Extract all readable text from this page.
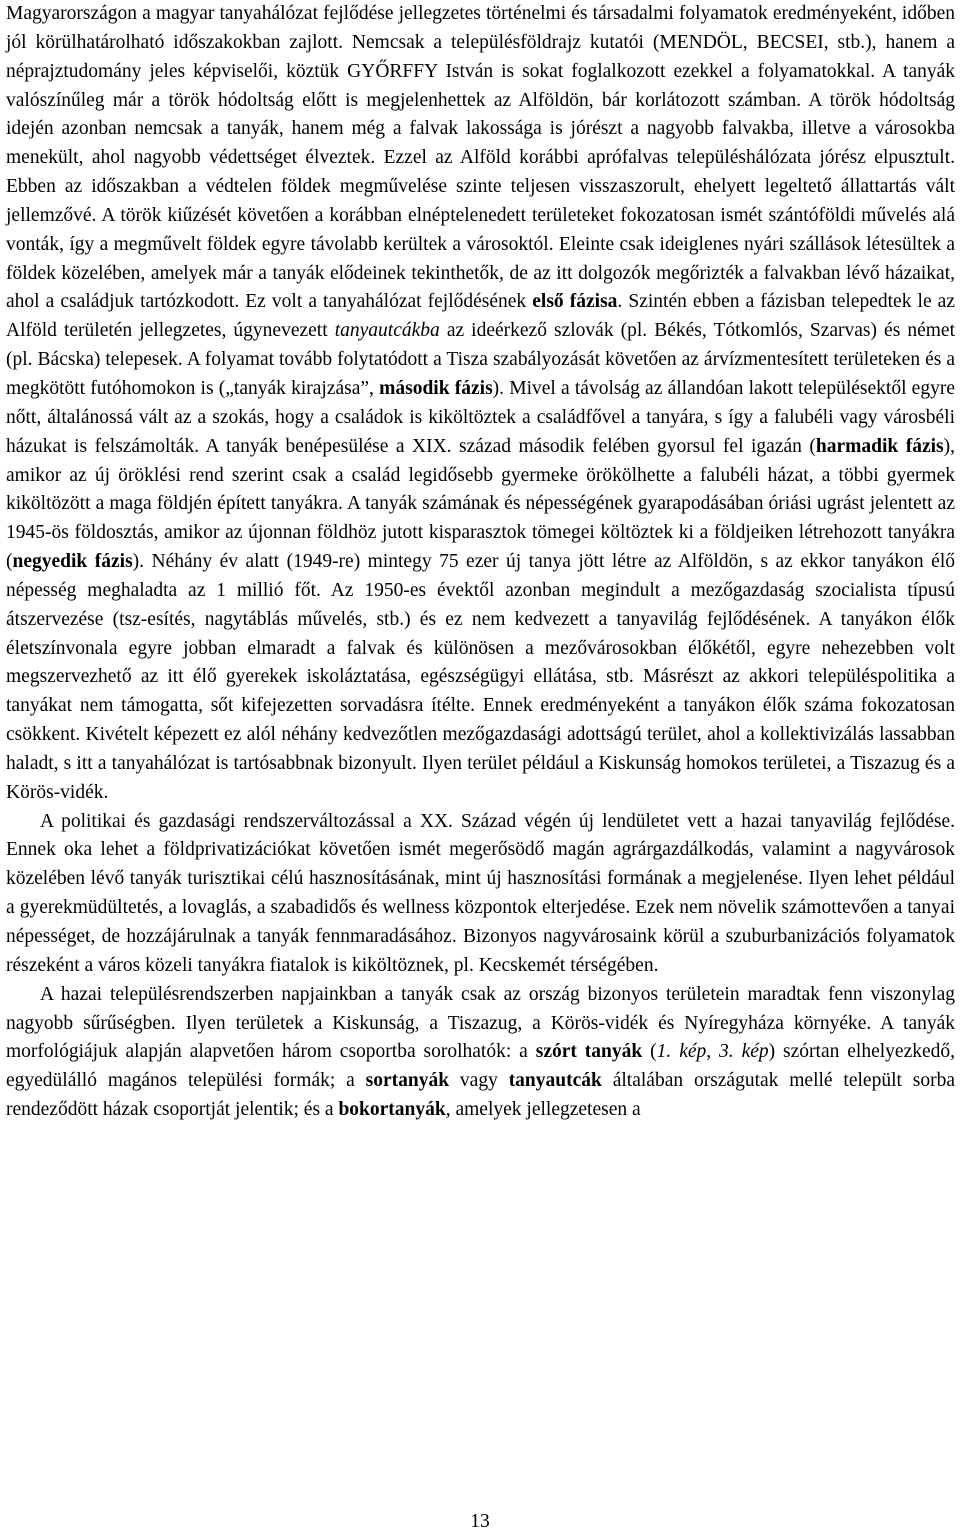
Magyarországon a magyar tanyahálózat fejlődése jellegzetes történelmi és társadalmi folyamatok eredményeként, időben jól körülhatárolható időszakokban zajlott. Nemcsak a településföldrajz kutatói (MENDÖL, BECSEI, stb.), hanem a néprajztudomány jeles képviselői, köztük GYŐRFFY István is sokat foglalkozott ezekkel a folyamatokkal. A tanyák valószínűleg már a török hódoltság előtt is megjelenhettek az Alföldön, bár korlátozott számban. A török hódoltság idején azonban nemcsak a tanyák, hanem még a falvak lakossága is jórészt a nagyobb falvakba, illetve a városokba menekült, ahol nagyobb védettséget élveztek. Ezzel az Alföld korábbi aprófalvas településhálózata jórész elpusztult. Ebben az időszakban a védtelen földek megművelése szinte teljesen visszaszorult, ehelyett legeltető állattartás vált jellemzővé. A török kiűzését követően a korábban elnéptelenedett területeket fokozatosan ismét szántóföldi művelés alá vonták, így a megművelt földek egyre távolabb kerültek a városoktól. Eleinte csak ideiglenes nyári szállások létesültek a földek közelében, amelyek már a tanyák elődeinek tekinthetők, de az itt dolgozók megőrizték a falvakban lévő házaikat, ahol a családjuk tartózkodott. Ez volt a tanyahálózat fejlődésének első fázisa. Szintén ebben a fázisban telepedtek le az Alföld területén jellegzetes, úgynevezett tanyautcákba az ideérkező szlovák (pl. Békés, Tótkomlós, Szarvas) és német (pl. Bácska) telepesek. A folyamat tovább folytatódott a Tisza szabályozását követően az árvízmentesített területeken és a megkötött futóhomokon is („tanyák kirajzása”, második fázis). Mivel a távolság az állandóan lakott településektől egyre nőtt, általánossá vált az a szokás, hogy a családok is kiköltöztek a családfővel a tanyára, s így a falubéli vagy városbéli házukat is felszámolták. A tanyák benépesülése a XIX. század második felében gyorsul fel igazán (harmadik fázis), amikor az új öröklési rend szerint csak a család legidősebb gyermeke örökölhette a falubéli házat, a többi gyermek kiköltözött a maga földjén épített tanyákra. A tanyák számának és népességének gyarapodásában óriási ugrást jelentett az 1945-ös földosztás, amikor az újonnan földhöz jutott kisparasztok tömegei költöztek ki a földjeiken létrehozott tanyákra (negyedik fázis). Néhány év alatt (1949-re) mintegy 75 ezer új tanya jött létre az Alföldön, s az ekkor tanyákon élő népesség meghaladta az 1 millió főt. Az 1950-es évektől azonban megindult a mezőgazdaság szocialista típusú átszervezése (tsz-esítés, nagytáblás művelés, stb.) és ez nem kedvezett a tanyavilág fejlődésének. A tanyákon élők életszínvonala egyre jobban elmaradt a falvak és különösen a mezővárosokban élőkétől, egyre nehezebben volt megszervezhető az itt élő gyerekek iskoláztatása, egészségügyi ellátása, stb. Másrészt az akkori településpolitika a tanyákat nem támogatta, sőt kifejezetten sorvadásra ítélte. Ennek eredményeként a tanyákon élők száma fokozatosan csökkent. Kivételt képezett ez alól néhány kedvezőtlen mezőgazdasági adottságú terület, ahol a kollektivizálás lassabban haladt, s itt a tanyahálózat is tartósabbnak bizonyult. Ilyen terület például a Kiskunság homokos területei, a Tiszazug és a Körös-vidék.

A politikai és gazdasági rendszerváltozással a XX. Század végén új lendületet vett a hazai tanyavilág fejlődése. Ennek oka lehet a földprivatizációkat követően ismét megerősödő magán agrárgazdálkodás, valamint a nagyvárosok közelében lévő tanyák turisztikai célú hasznosításának, mint új hasznosítási formának a megjelenése. Ilyen lehet például a gyerekmüdültetés, a lovaglás, a szabadidős és wellness központok elterjedése. Ezek nem növelik számottevően a tanyai népességet, de hozzájárulnak a tanyák fennmaradásához. Bizonyos nagyvárosaink körül a szuburbanizációs folyamatok részeként a város közeli tanyákra fiatalok is kiköltöznek, pl. Kecskemét térségében.

A hazai településrendszerben napjainkban a tanyák csak az ország bizonyos területein maradtak fenn viszonylag nagyobb sűrűségben. Ilyen területek a Kiskunság, a Tiszazug, a Körös-vidék és Nyíregyháza környéke. A tanyák morfológiájuk alapján alapvetően három csoportba sorolhatók: a szórt tanyák (1. kép, 3. kép) szórtan elhelyezkedő, egyedülálló magános települési formák; a sortanyák vagy tanyautcák általában országutak mellé települt sorba rendeződött házak csoportját jelentik; és a bokortanyák, amelyek jellegzetesen a

13
